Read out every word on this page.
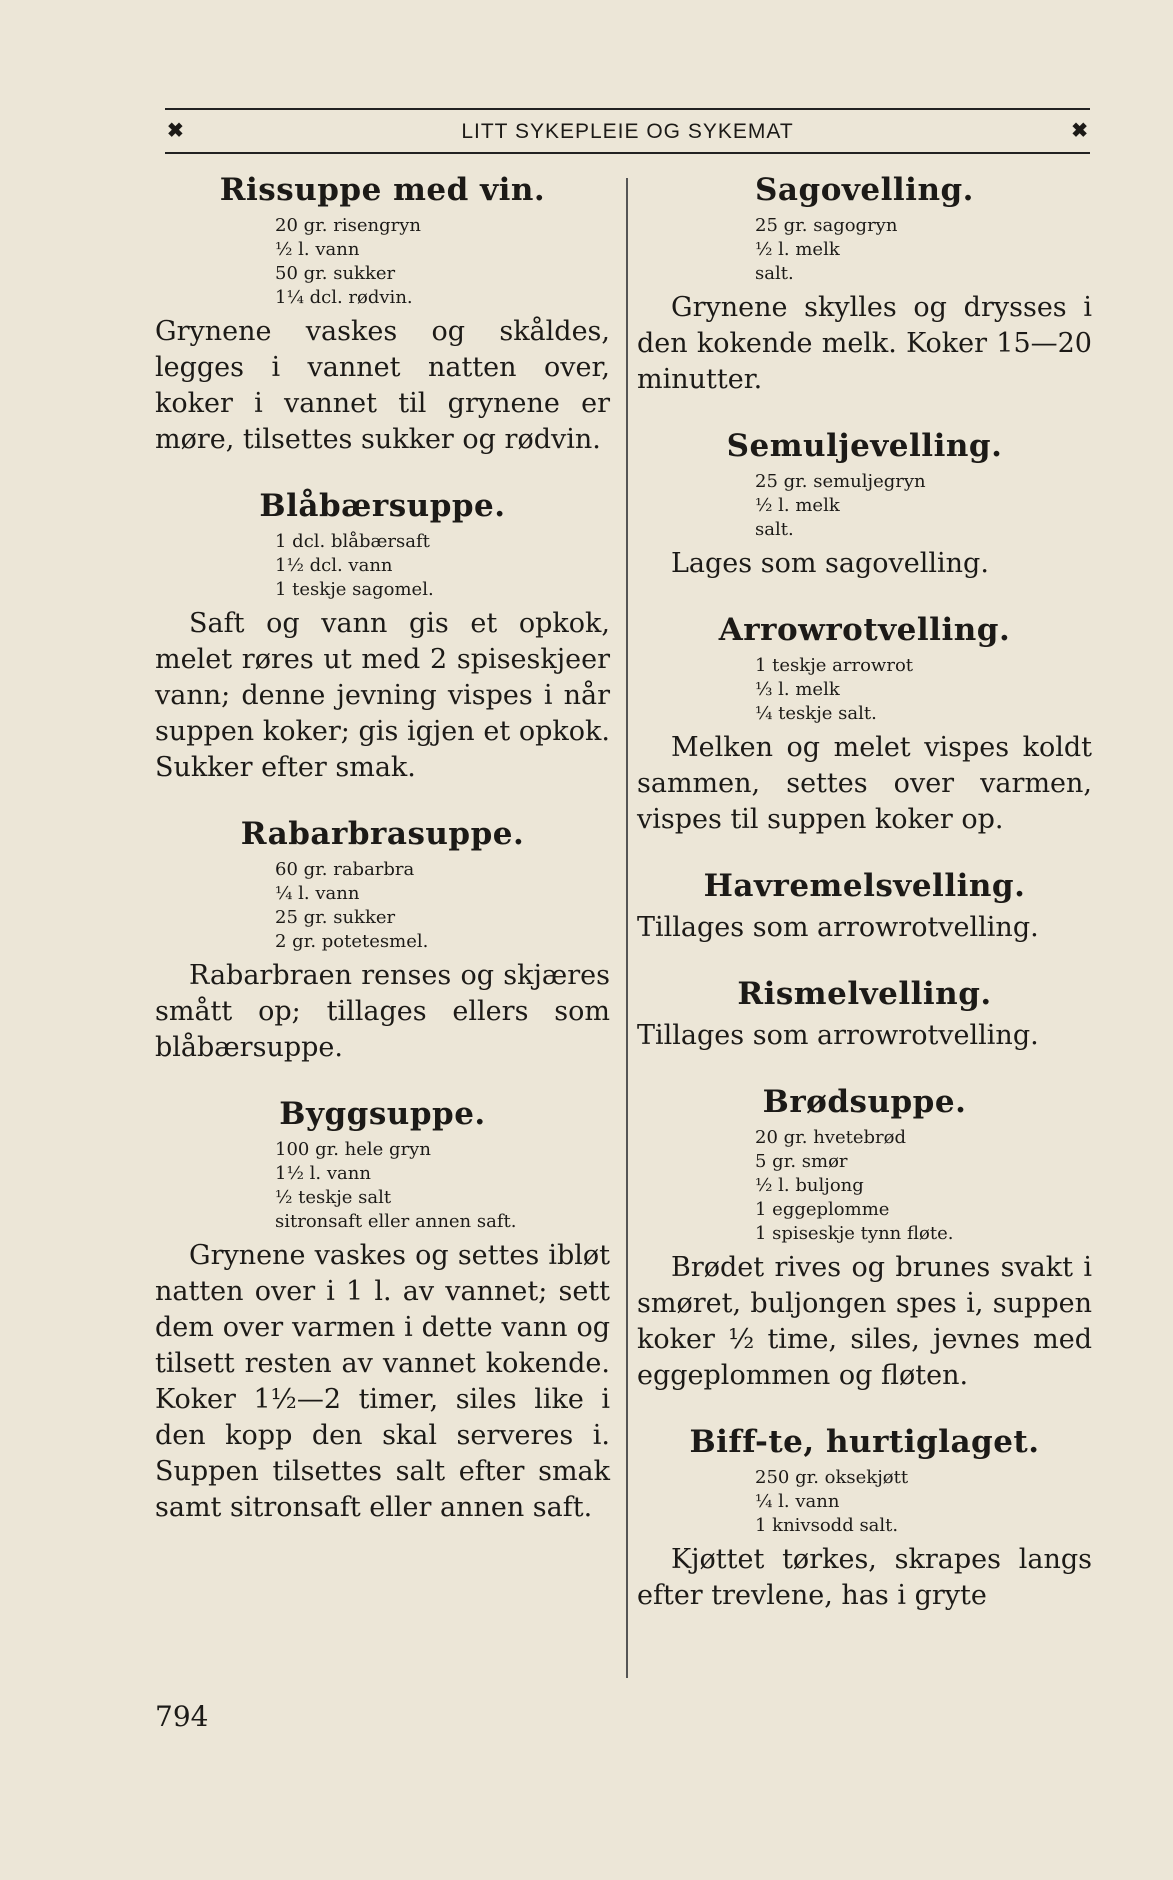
✖	LITT SYKEPLEIE OG SYKEMAT	✖
Rissuppe med vin.
20 gr. risengryn
½ l. vann
50 gr. sukker
1¼ dcl. rødvin.
Grynene vaskes og skåldes, legges i vannet natten over, koker i vannet til grynene er møre, tilsettes sukker og rødvin.
Blåbærsuppe.
1 dcl. blåbærsaft
1½ dcl. vann
1 teskje sagomel.
Saft og vann gis et opkok, melet røres ut med 2 spiseskjeer vann; denne jevning vispes i når suppen koker; gis igjen et opkok. Sukker efter smak.
Rabarbrasuppe.
60 gr. rabarbra
¼ l. vann
25 gr. sukker
2 gr. potetesmel.
Rabarbraen renses og skjæres smått op; tillages ellers som blåbærsuppe.
Byggsuppe.
100 gr. hele gryn
1½ l. vann
½ teskje salt
sitronsaft eller annen saft.
Grynene vaskes og settes ibløt natten over i 1 l. av vannet; sett dem over varmen i dette vann og tilsett resten av vannet kokende. Koker 1½—2 timer, siles like i den kopp den skal serveres i. Suppen tilsettes salt efter smak samt sitronsaft eller annen saft.
Sagovelling.
25 gr. sagogryn
½ l. melk
salt.
Grynene skylles og drysses i den kokende melk. Koker 15—20 minutter.
Semuljevelling.
25 gr. semuljegryn
½ l. melk
salt.
Lages som sagovelling.
Arrowrotvelling.
1 teskje arrowrot
⅓ l. melk
¼ teskje salt.
Melken og melet vispes koldt sammen, settes over varmen, vispes til suppen koker op.
Havremelsvelling.
Tillages som arrowrotvelling.
Rismelvelling.
Tillages som arrowrotvelling.
Brødsuppe.
20 gr. hvetebrød
5 gr. smør
½ l. buljong
1 eggeplomme
1 spiseskje tynn fløte.
Brødet rives og brunes svakt i smøret, buljongen spes i, suppen koker ½ time, siles, jevnes med eggeplommen og fløten.
Biff-te, hurtiglaget.
250 gr. oksekjøtt
¼ l. vann
1 knivsodd salt.
Kjøttet tørkes, skrapes langs efter trevlene, has i gryte
794
